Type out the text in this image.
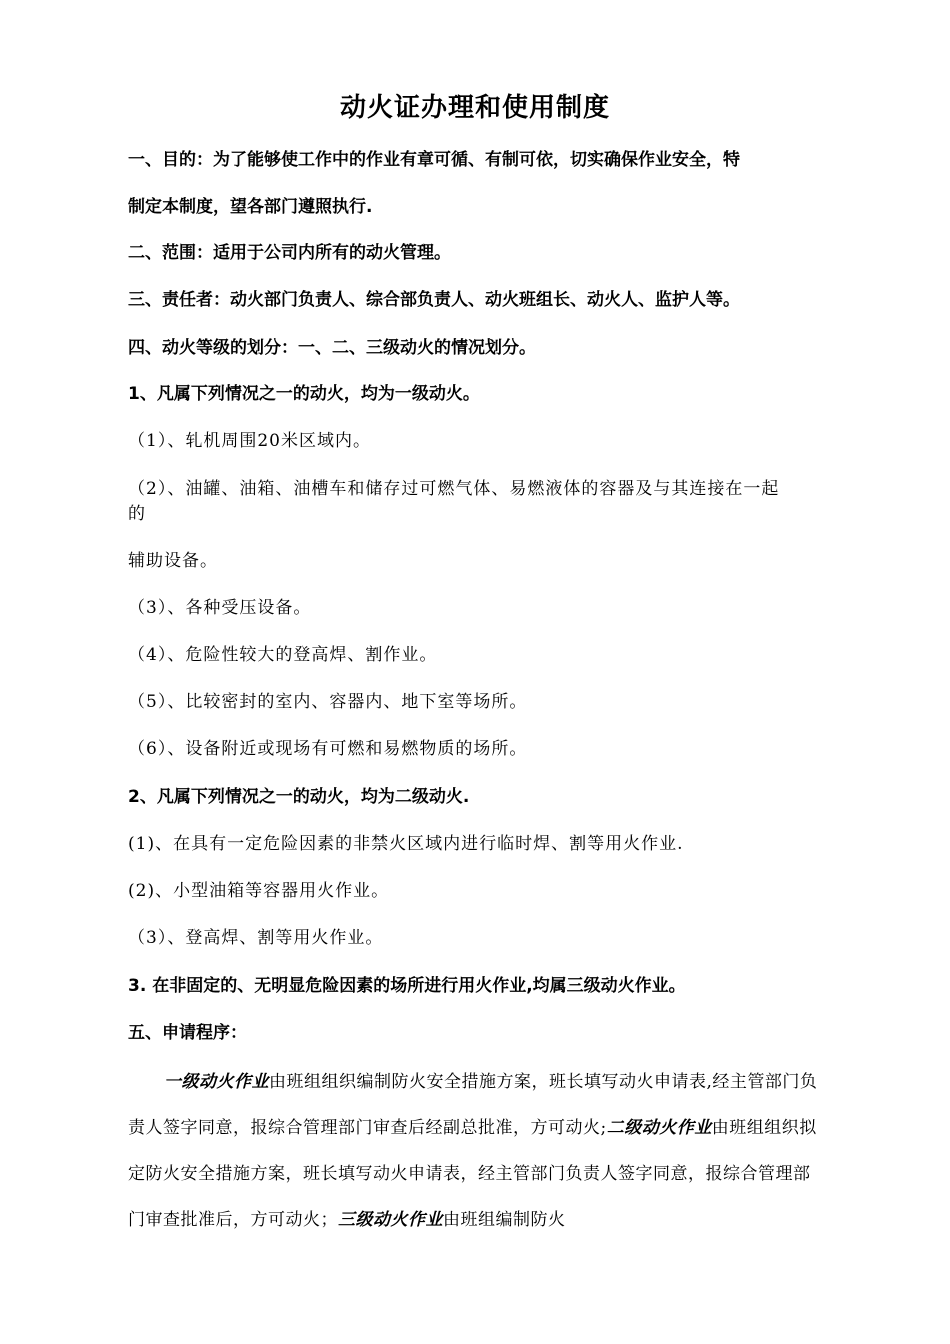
动火证办理和使用制度
一、目的：为了能够使工作中的作业有章可循、有制可依，切实确保作业安全，特
制定本制度，望各部门遵照执行.
二、范围：适用于公司内所有的动火管理。
三、责任者：动火部门负责人、综合部负责人、动火班组长、动火人、监护人等。
四、动火等级的划分：一、二、三级动火的情况划分。
1、凡属下列情况之一的动火，均为一级动火。
（1）、轧机周围20米区域内。
（2）、油罐、油箱、油槽车和储存过可燃气体、易燃液体的容器及与其连接在一起
的
辅助设备。
（3）、各种受压设备。
（4）、危险性较大的登高焊、割作业。
（5）、比较密封的室内、容器内、地下室等场所。
（6）、设备附近或现场有可燃和易燃物质的场所。
2、凡属下列情况之一的动火，均为二级动火.
(1)、在具有一定危险因素的非禁火区域内进行临时焊、割等用火作业.
(2)、小型油箱等容器用火作业。
（3）、登高焊、割等用火作业。
3. 在非固定的、无明显危险因素的场所进行用火作业,均属三级动火作业。
五、申请程序：
一级动火作业由班组组织编制防火安全措施方案，班长填写动火申请表,经主管部门负责人签字同意，报综合管理部门审查后经副总批准，方可动火;二级动火作业由班组组织拟定防火安全措施方案，班长填写动火申请表，经主管部门负责人签字同意，报综合管理部门审查批准后，方可动火；三级动火作业由班组编制防火
